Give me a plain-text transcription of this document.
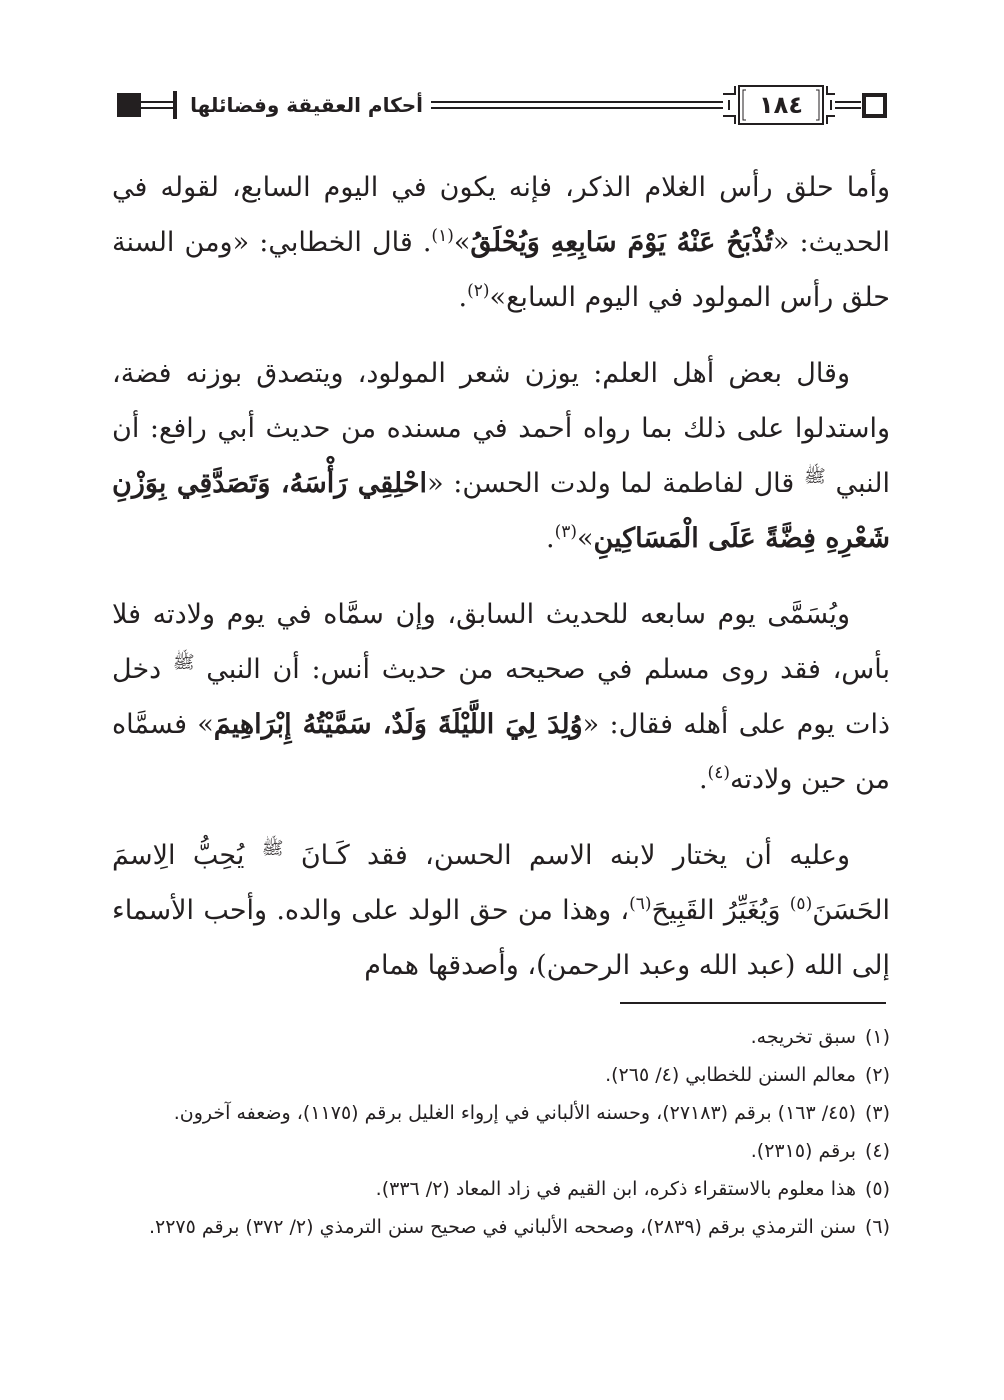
أحكام العقيقة وفضائلها	١٨٤

وأما حلق رأس الغلام الذكر، فإنه يكون في اليوم السابع، لقوله في الحديث: «تُذْبَحُ عَنْهُ يَوْمَ سَابِعِهِ وَيُحْلَقُ»$^{(١)}$. قال الخطابي: «ومن السنة حلق رأس المولود في اليوم السابع»$^{(٢)}$.

وقال بعض أهل العلم: يوزن شعر المولود، ويتصدق بوزنه فضة، واستدلوا على ذلك بما رواه أحمد في مسنده من حديث أبي رافع: أن النبي $^ﷺ$ قال لفاطمة لما ولدت الحسن: «احْلِقِي رَأْسَهُ، وَتَصَدَّقِي بِوَزْنِ شَعْرِهِ فِضَّةً عَلَى الْمَسَاكِينِ»$^{(٣)}$.

ويُسَمَّى يوم سابعه للحديث السابق، وإن سمَّاه في يوم ولادته فلا بأس، فقد روى مسلم في صحيحه من حديث أنس: أن النبي $^ﷺ$ دخل ذات يوم على أهله فقال: «وُلِدَ لِيَ اللَّيْلَةَ وَلَدٌ، سَمَّيْتُهُ إِبْرَاهِيمَ» فسمَّاه من حين ولادته$^{(٤)}$.

وعليه أن يختار لابنه الاسم الحسن، فقد كَـانَ $^ﷺ$ يُحِبُّ الِاسمَ الحَسَنَ$^{(٥)}$ وَيُغَيِّرُ القَبِيحَ$^{(٦)}$، وهذا من حق الولد على والده. وأحب الأسماء إلى الله (عبد الله وعبد الرحمن)، وأصدقها همام

(١)
سبق تخريجه.
(٢)
معالم السنن للخطابي (٤/ ٢٦٥).
(٣)
(٤٥/ ١٦٣) برقم (٢٧١٨٣)، وحسنه الألباني في إرواء الغليل برقم (١١٧٥)، وضعفه آخرون.
(٤)
برقم (٢٣١٥).
(٥)
هذا معلوم بالاستقراء ذكره، ابن القيم في زاد المعاد (٢/ ٣٣٦).
(٦)
سنن الترمذي برقم (٢٨٣٩)، وصححه الألباني في صحيح سنن الترمذي (٢/ ٣٧٢) برقم ٢٢٧٥.
